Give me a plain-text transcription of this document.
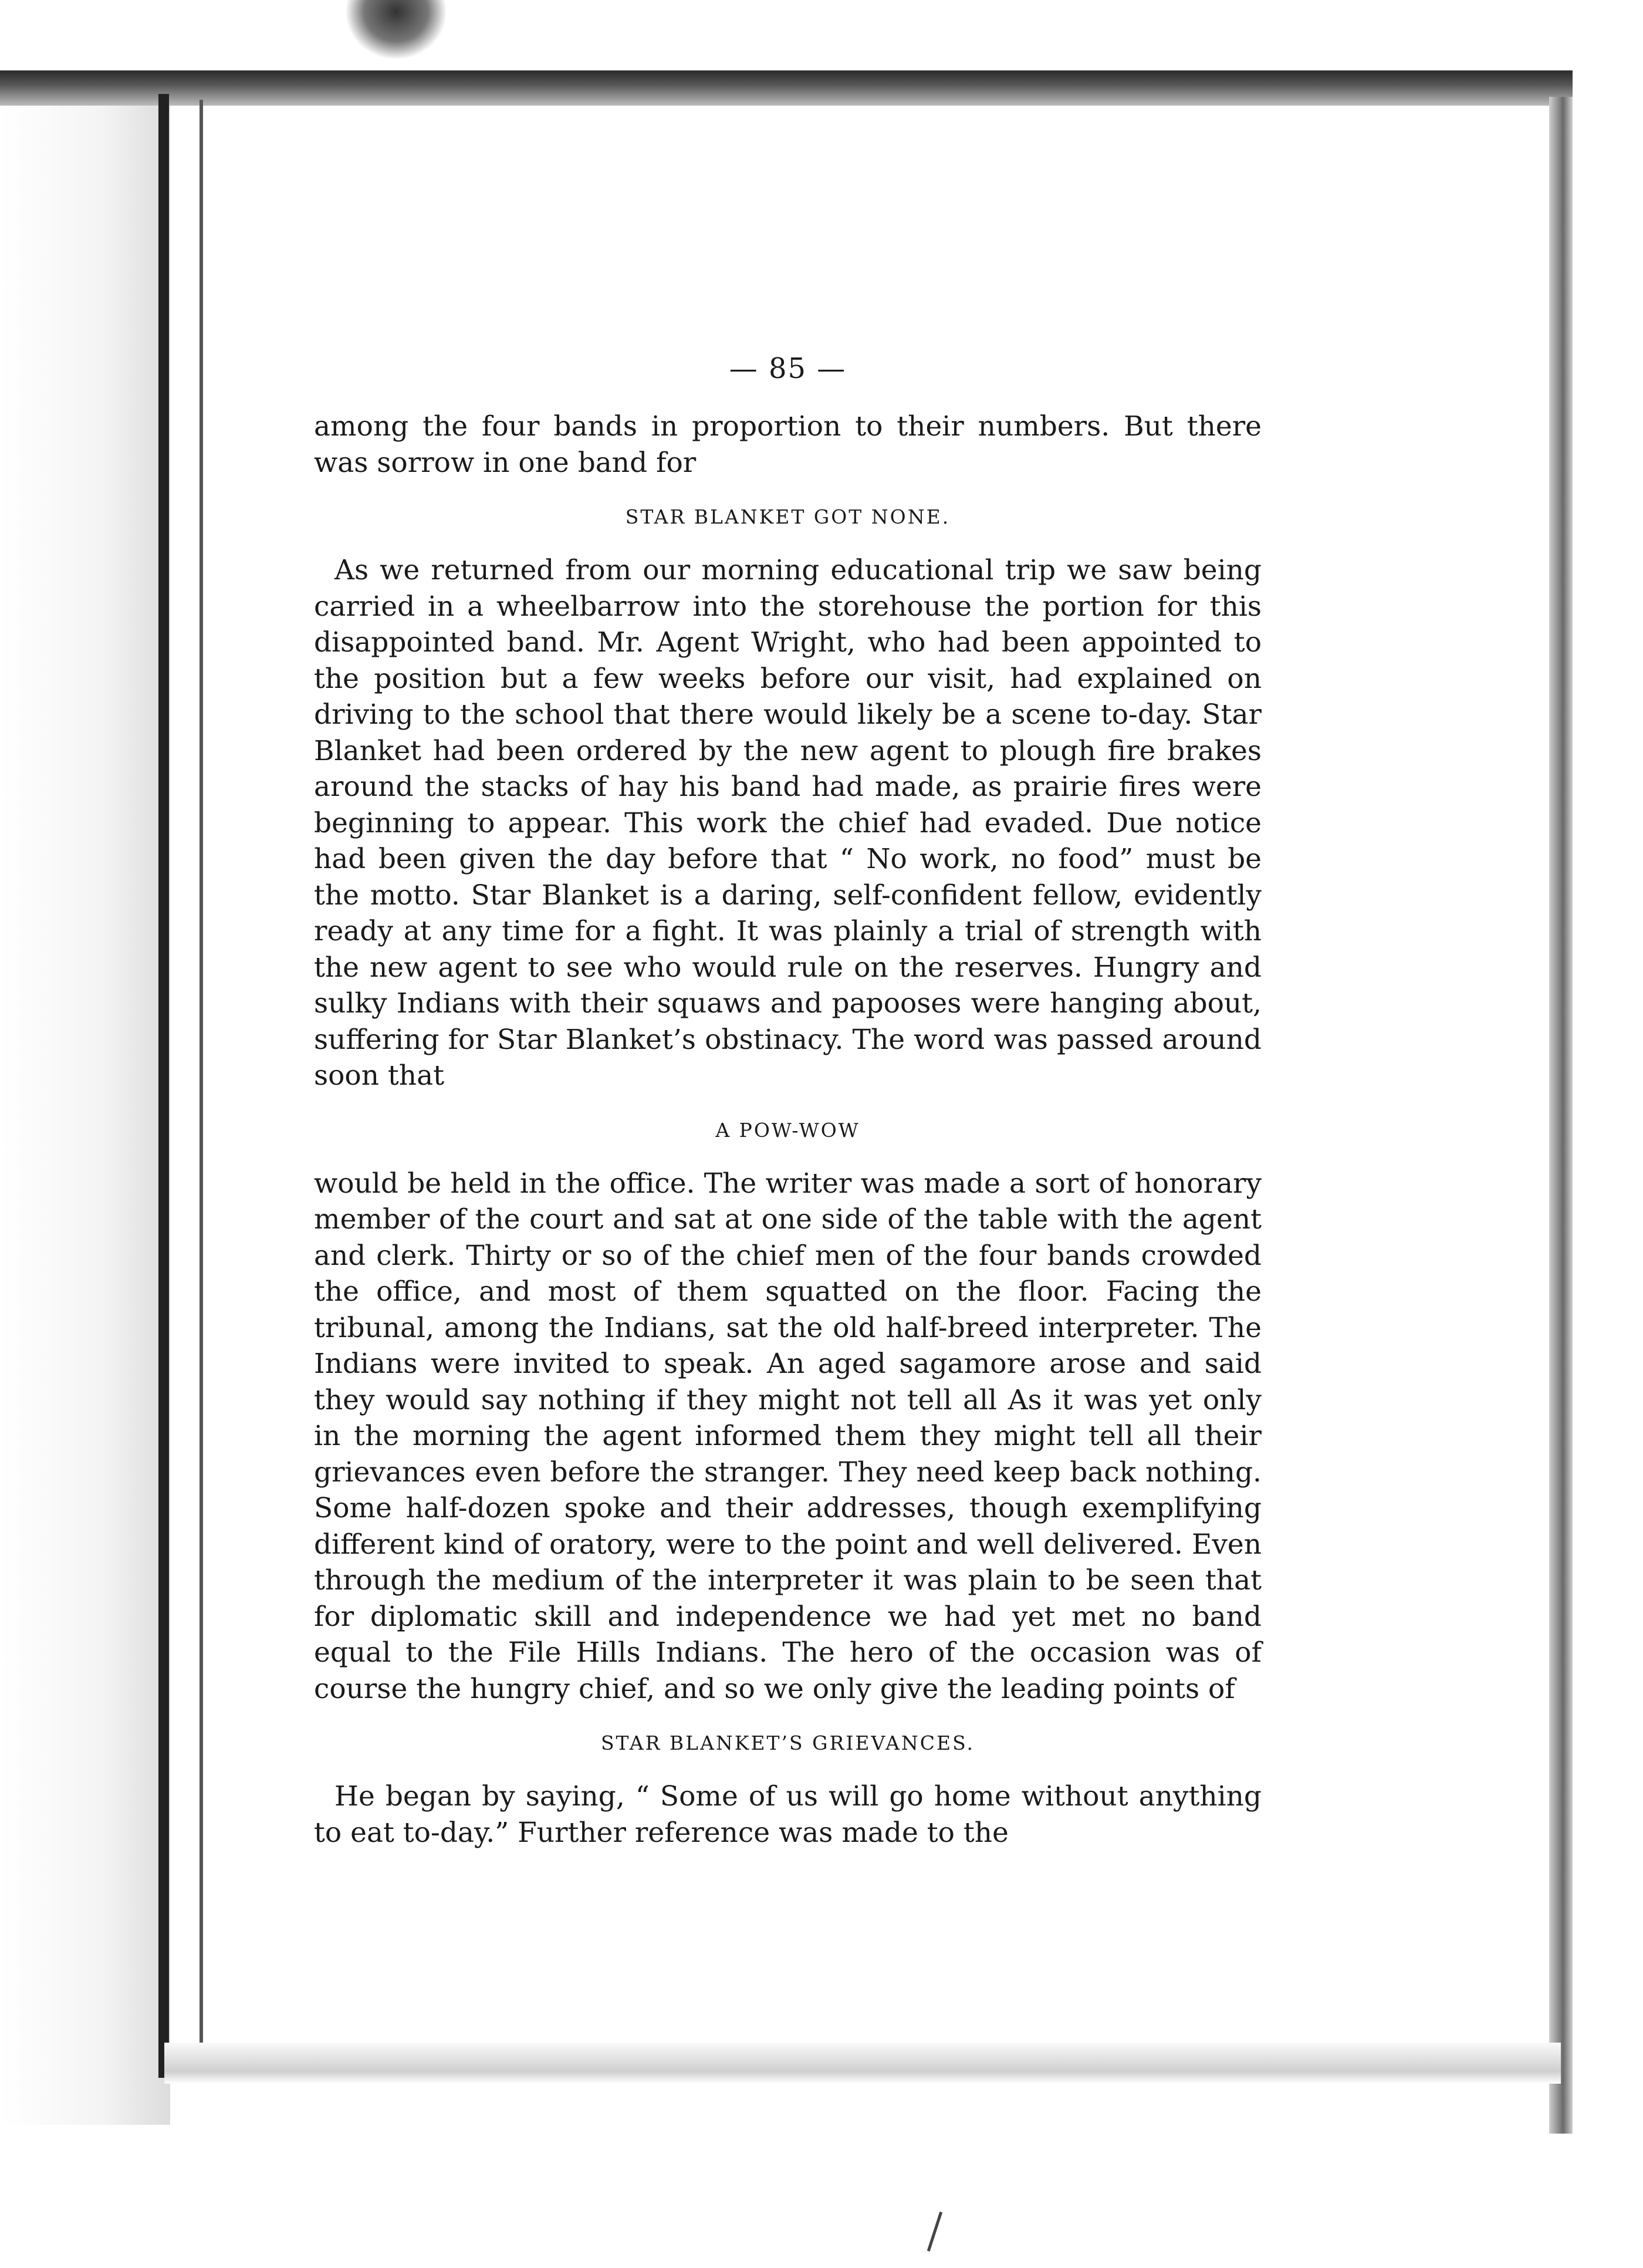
— 85 —

among the four bands in proportion to their numbers. But there was sorrow in one band for

STAR BLANKET GOT NONE.

As we returned from our morning educational trip we saw being carried in a wheelbarrow into the storehouse the portion for this disappointed band. Mr. Agent Wright, who had been appointed to the position but a few weeks before our visit, had explained on driving to the school that there would likely be a scene to-day. Star Blanket had been ordered by the new agent to plough fire brakes around the stacks of hay his band had made, as prairie fires were beginning to appear. This work the chief had evaded. Due notice had been given the day before that “ No work, no food” must be the motto. Star Blanket is a daring, self-confident fellow, evidently ready at any time for a fight. It was plainly a trial of strength with the new agent to see who would rule on the reserves. Hungry and sulky Indians with their squaws and papooses were hanging about, suffering for Star Blanket’s obstinacy. The word was passed around soon that

A POW-WOW

would be held in the office. The writer was made a sort of honorary member of the court and sat at one side of the table with the agent and clerk. Thirty or so of the chief men of the four bands crowded the office, and most of them squatted on the floor. Facing the tribunal, among the Indians, sat the old half-breed interpreter. The Indians were invited to speak. An aged sagamore arose and said they would say nothing if they might not tell all As it was yet only in the morning the agent informed them they might tell all their grievances even before the stranger. They need keep back nothing. Some half-dozen spoke and their addresses, though exemplifying different kind of oratory, were to the point and well delivered. Even through the medium of the interpreter it was plain to be seen that for diplomatic skill and independence we had yet met no band equal to the File Hills Indians. The hero of the occasion was of course the hungry chief, and so we only give the leading points of

STAR BLANKET’S GRIEVANCES.

He began by saying, “ Some of us will go home without anything to eat to-day.” Further reference was made to the
